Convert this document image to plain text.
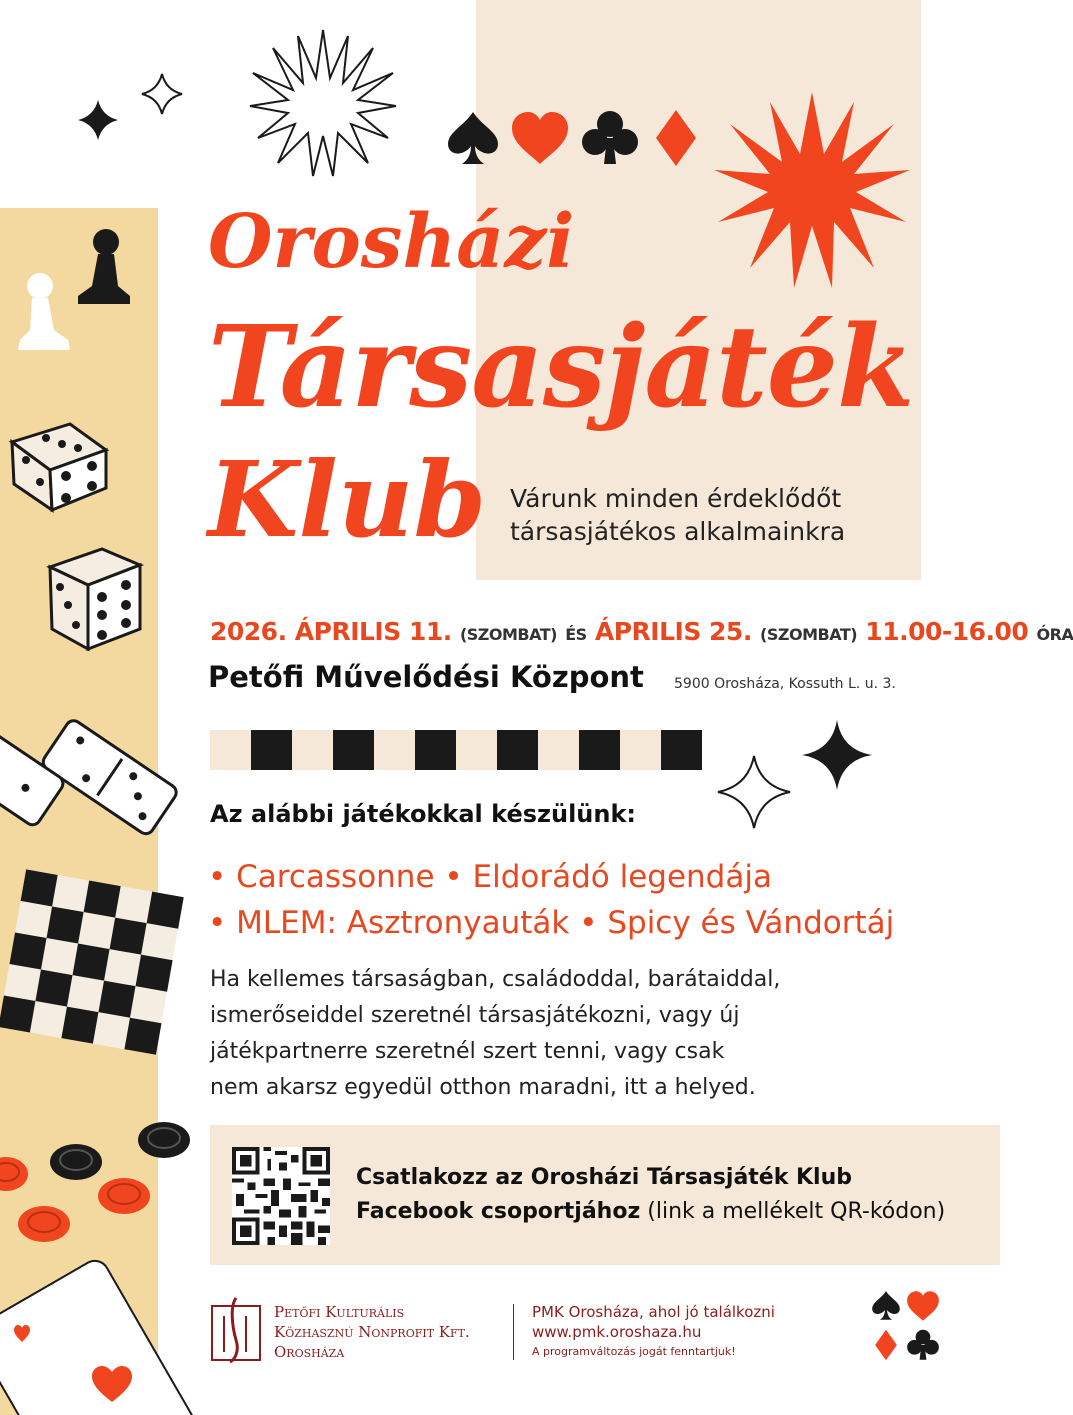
Orosházi
Társasjáték
Klub Várunk minden érdeklődőt
társasjátékos alkalmainkra
2026. ÁPRILIS 11. (SZOMBAT) ÉS ÁPRILIS 25. (SZOMBAT) 11.00-16.00 ÓRA
Petőfi Művelődési Központ 5900 Orosháza, Kossuth L. u. 3.
Az alábbi játékokkal készülünk:
• Carcassonne • Eldorádó legendája
• MLEM: Asztronyauták • Spicy és Vándortáj
Ha kellemes társaságban, családoddal, barátaiddal,
ismerőseiddel szeretnél társasjátékozni, vagy új
játékpartnerre szeretnél szert tenni, vagy csak
nem akarsz egyedül otthon maradni, itt a helyed.
Csatlakozz az Orosházi Társasjáték Klub
Facebook csoportjához (link a mellékelt QR-kódon)
Petőfi Kulturális
Közhasznú Nonprofit Kft.
Orosháza
PMK Orosháza, ahol jó találkozni
www.pmk.oroshaza.hu
A programváltozás jogát fenntartjuk!
